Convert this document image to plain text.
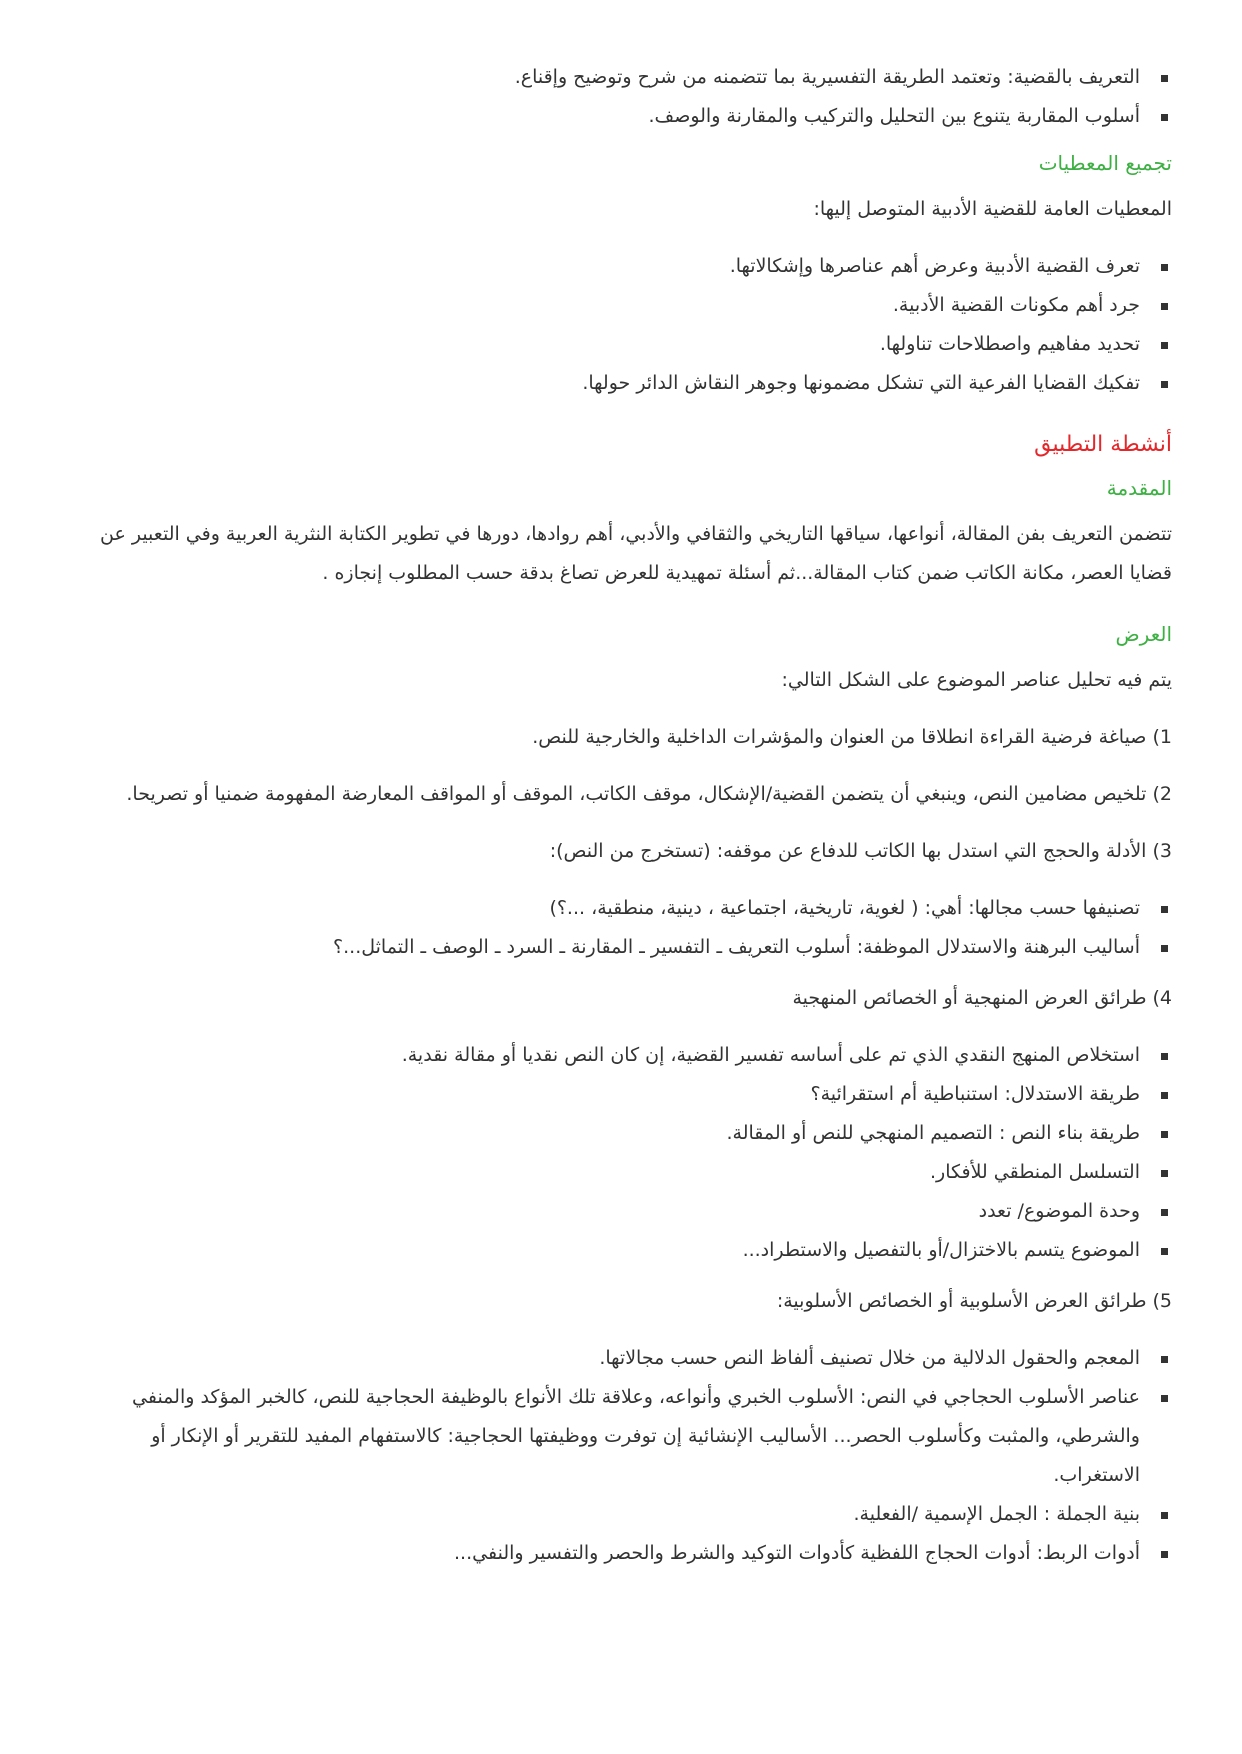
التعريف بالقضية: وتعتمد الطريقة التفسيرية بما تتضمنه من شرح وتوضيح وإقناع.
أسلوب المقاربة يتنوع بين التحليل والتركيب والمقارنة والوصف.
تجميع المعطيات

المعطيات العامة للقضية الأدبية المتوصل إليها:

تعرف القضية الأدبية وعرض أهم عناصرها وإشكالاتها.
جرد أهم مكونات القضية الأدبية.
تحديد مفاهيم واصطلاحات تناولها.
تفكيك القضايا الفرعية التي تشكل مضمونها وجوهر النقاش الدائر حولها.
أنشطة التطبيق
المقدمة

تتضمن التعريف بفن المقالة، أنواعها، سياقها التاريخي والثقافي والأدبي، أهم روادها، دورها في تطوير الكتابة النثرية العربية وفي التعبير عن قضايا العصر، مكانة الكاتب ضمن كتاب المقالة...ثم أسئلة تمهيدية للعرض تصاغ بدقة حسب المطلوب إنجازه .

العرض

يتم فيه تحليل عناصر الموضوع على الشكل التالي:

1) صياغة فرضية القراءة انطلاقا من العنوان والمؤشرات الداخلية والخارجية للنص.

2) تلخيص مضامين النص، وينبغي أن يتضمن القضية/الإشكال، موقف الكاتب، الموقف أو المواقف المعارضة المفهومة ضمنيا أو تصريحا.

3) الأدلة والحجج التي استدل بها الكاتب للدفاع عن موقفه: (تستخرج من النص):

تصنيفها حسب مجالها: أهي: ( لغوية، تاريخية، اجتماعية ، دينية، منطقية، ...؟)
أساليب البرهنة والاستدلال الموظفة: أسلوب التعريف ـ التفسير ـ المقارنة ـ السرد ـ الوصف ـ التماثل...؟

4) طرائق العرض المنهجية أو الخصائص المنهجية

استخلاص المنهج النقدي الذي تم على أساسه تفسير القضية، إن كان النص نقديا أو مقالة نقدية.
طريقة الاستدلال: استنباطية أم استقرائية؟
طريقة بناء النص : التصميم المنهجي للنص أو المقالة.
التسلسل المنطقي للأفكار.
وحدة الموضوع/ تعدد
الموضوع يتسم بالاختزال/أو بالتفصيل والاستطراد...

5) طرائق العرض الأسلوبية أو الخصائص الأسلوبية:

المعجم والحقول الدلالية من خلال تصنيف ألفاظ النص حسب مجالاتها.
عناصر الأسلوب الحجاجي في النص: الأسلوب الخبري وأنواعه، وعلاقة تلك الأنواع بالوظيفة الحجاجية للنص، كالخبر المؤكد والمنفي والشرطي، والمثبت وكأسلوب الحصر... الأساليب الإنشائية إن توفرت ووظيفتها الحجاجية: كالاستفهام المفيد للتقرير أو الإنكار أو الاستغراب.
بنية الجملة : الجمل الإسمية /الفعلية.
أدوات الربط: أدوات الحجاج اللفظية كأدوات التوكيد والشرط والحصر والتفسير والنفي...
